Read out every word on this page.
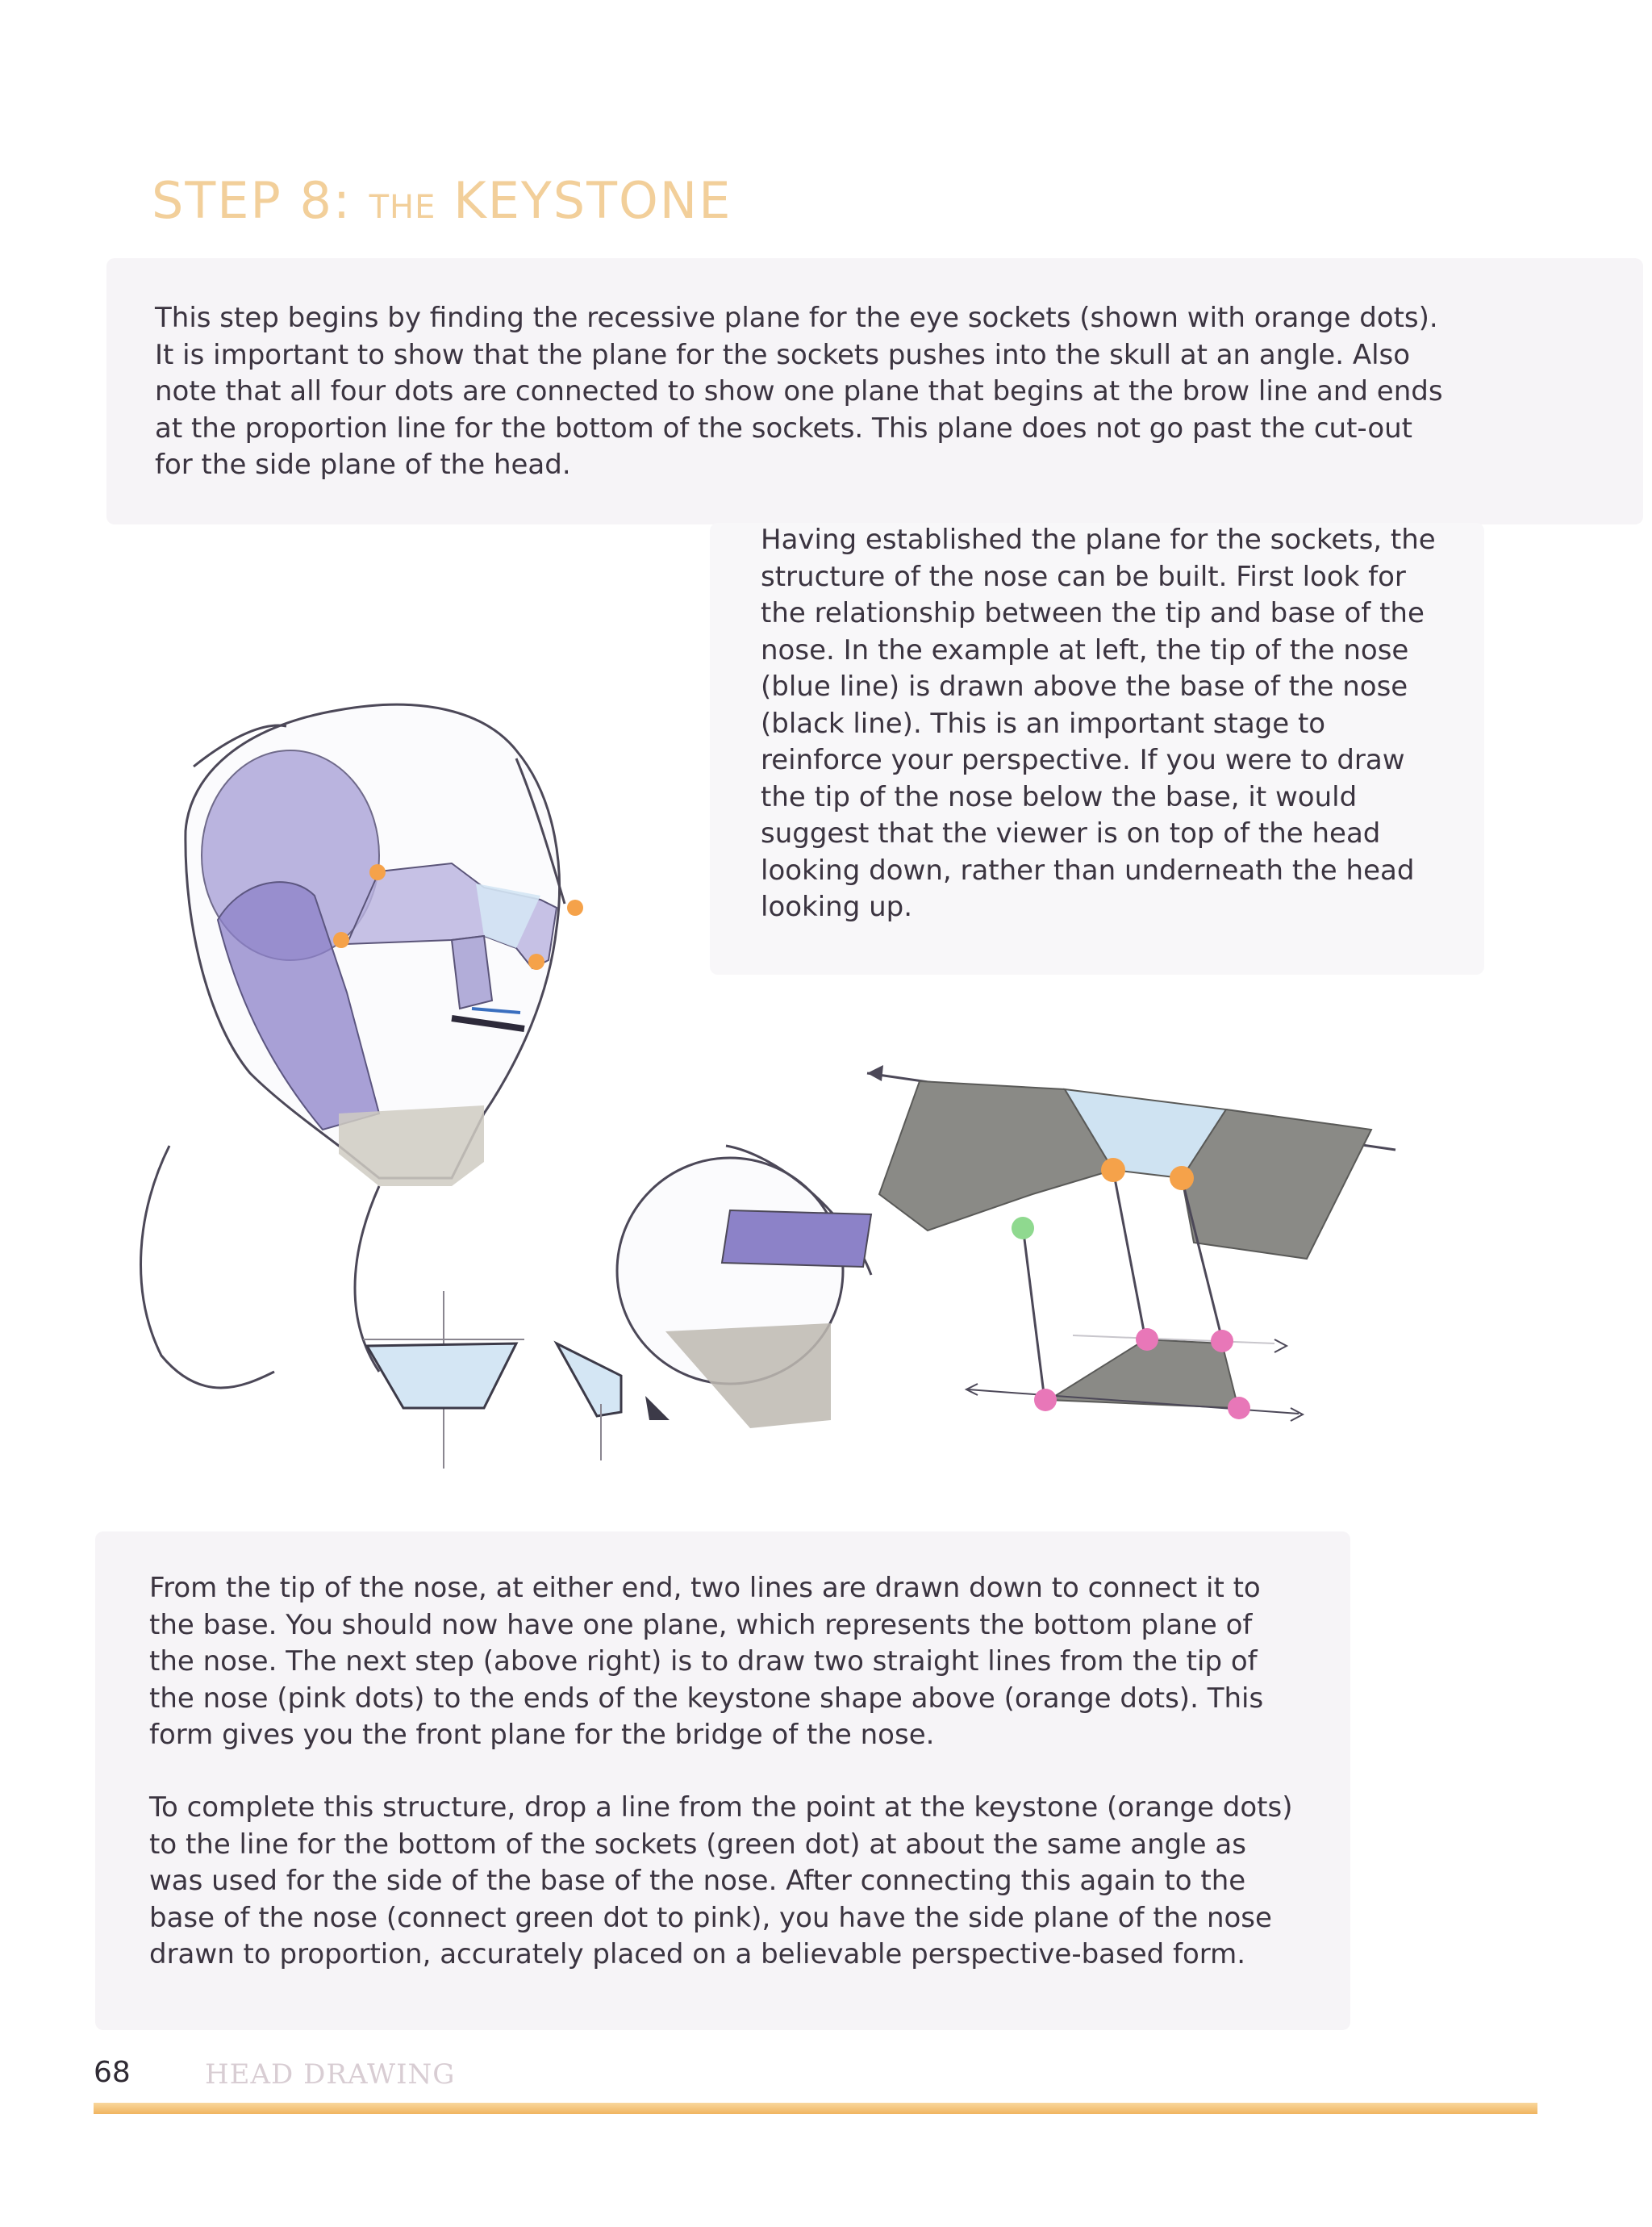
STEP 8: THE KEYSTONE

This step begins by finding the recessive plane for the eye sockets (shown with orange dots). It is important to show that the plane for the sockets pushes into the skull at an angle. Also note that all four dots are connected to show one plane that begins at the brow line and ends at the proportion line for the bottom of the sockets. This plane does not go past the cut-out for the side plane of the head.

Having established the plane for the sockets, the structure of the nose can be built. First look for the relationship between the tip and base of the nose. In the example at left, the tip of the nose (blue line) is drawn above the base of the nose (black line). This is an important stage to reinforce your perspective. If you were to draw the tip of the nose below the base, it would suggest that the viewer is on top of the head looking down, rather than underneath the head looking up.

From the tip of the nose, at either end, two lines are drawn down to connect it to the base. You should now have one plane, which represents the bottom plane of the nose. The next step (above right) is to draw two straight lines from the tip of the nose (pink dots) to the ends of the keystone shape above (orange dots). This form gives you the front plane for the bridge of the nose.

To complete this structure, drop a line from the point at the keystone (orange dots) to the line for the bottom of the sockets (green dot) at about the same angle as was used for the side of the base of the nose. After connecting this again to the base of the nose (connect green dot to pink), you have the side plane of the nose drawn to proportion, accurately placed on a believable perspective-based form.

68	HEAD DRAWING
